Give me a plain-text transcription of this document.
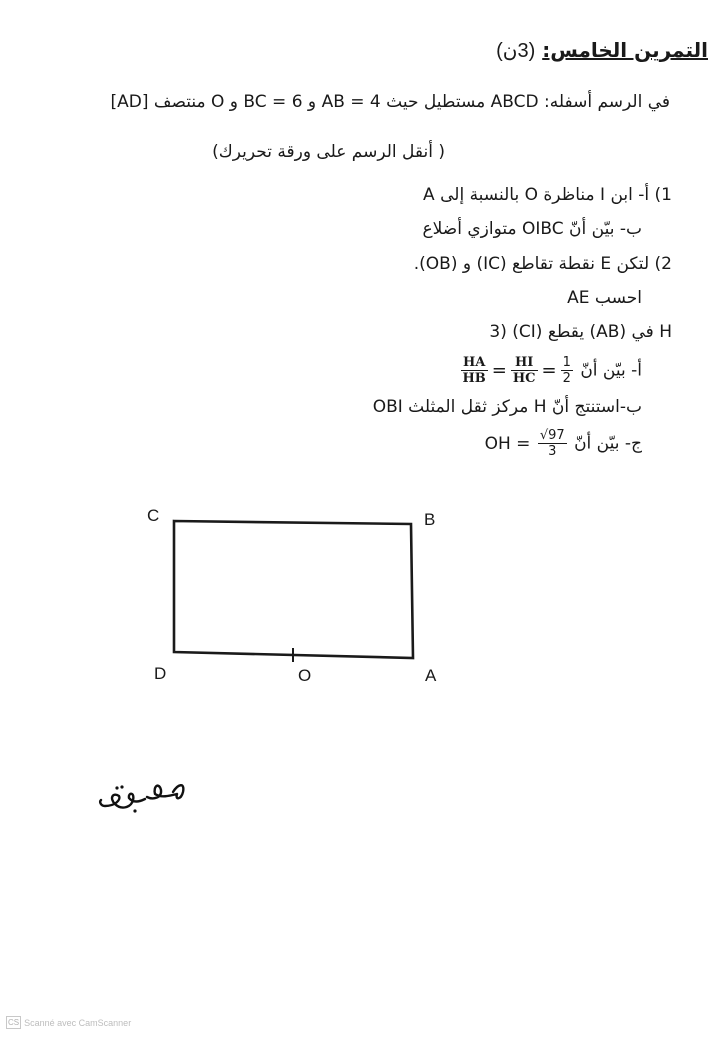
التمرين الخامس: (3ن)
في الرسم أسفله: ABCD مستطيل حيث AB = 4 و BC = 6 و O منتصف [AD]
( أنقل الرسم على ورقة تحريرك)
1) أ- ابن I مناظرة O بالنسبة إلى A
ب- بيّن أنّ OIBC متوازي أضلاع
2) لتكن E نقطة تقاطع (IC) و (OB).
احسب AE
3) (CI) يقطع (AB) في H
أ- بيّن أنّ
$\frac{HA}{HB} = \frac{HI}{HC} = \frac{1}{2}$
ب-استنتج أنّ H مركز ثقل المثلث OBI
ج- بيّن أنّ OH = $\frac{√97}{3}$
C	B
D	O	A
CS Scanné avec CamScanner
